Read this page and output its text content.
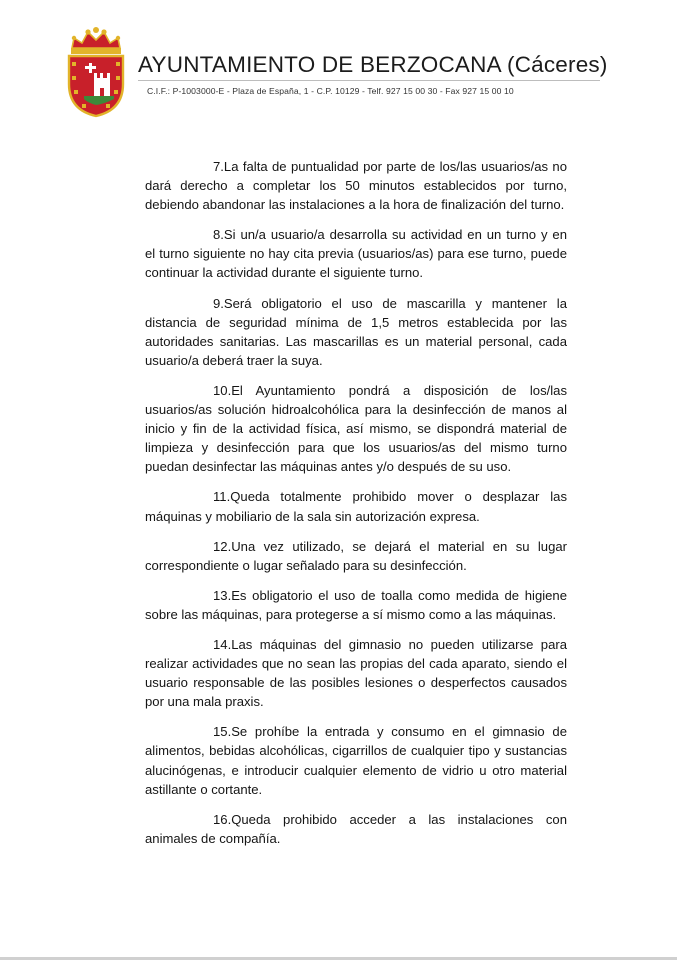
AYUNTAMIENTO DE BERZOCANA (Cáceres)
C.I.F.: P-1003000-E - Plaza de España, 1 - C.P. 10129 - Telf. 927 15 00 30 - Fax 927 15 00 10

7.La falta de puntualidad por parte de los/las usuarios/as no dará derecho a completar los 50 minutos establecidos por turno, debiendo abandonar las instalaciones a la hora de finalización del turno.

8.Si un/a usuario/a desarrolla su actividad en un turno y en el turno siguiente no hay cita previa (usuarios/as) para ese turno, puede continuar la actividad durante el siguiente turno.

9.Será obligatorio el uso de mascarilla y mantener la distancia de seguridad mínima de 1,5 metros establecida por las autoridades sanitarias. Las mascarillas es un material personal, cada usuario/a deberá traer la suya.

10.El Ayuntamiento pondrá a disposición de los/las usuarios/as solución hidroalcohólica para la desinfección de manos al inicio y fin de la actividad física, así mismo, se dispondrá material de limpieza y desinfección para que los usuarios/as del mismo turno puedan desinfectar las máquinas antes y/o después de su uso.

11.Queda totalmente prohibido mover o desplazar las máquinas y mobiliario de la sala sin autorización expresa.

12.Una vez utilizado, se dejará el material en su lugar correspondiente o lugar señalado para su desinfección.

13.Es obligatorio el uso de toalla como medida de higiene sobre las máquinas, para protegerse a sí mismo como a las máquinas.

14.Las máquinas del gimnasio no pueden utilizarse para realizar actividades que no sean las propias del cada aparato, siendo el usuario responsable de las posibles lesiones o desperfectos causados por una mala praxis.

15.Se prohíbe la entrada y consumo en el gimnasio de alimentos, bebidas alcohólicas, cigarrillos de cualquier tipo y sustancias alucinógenas, e introducir cualquier elemento de vidrio u otro material astillante o cortante.

16.Queda prohibido acceder a las instalaciones con animales de compañía.
